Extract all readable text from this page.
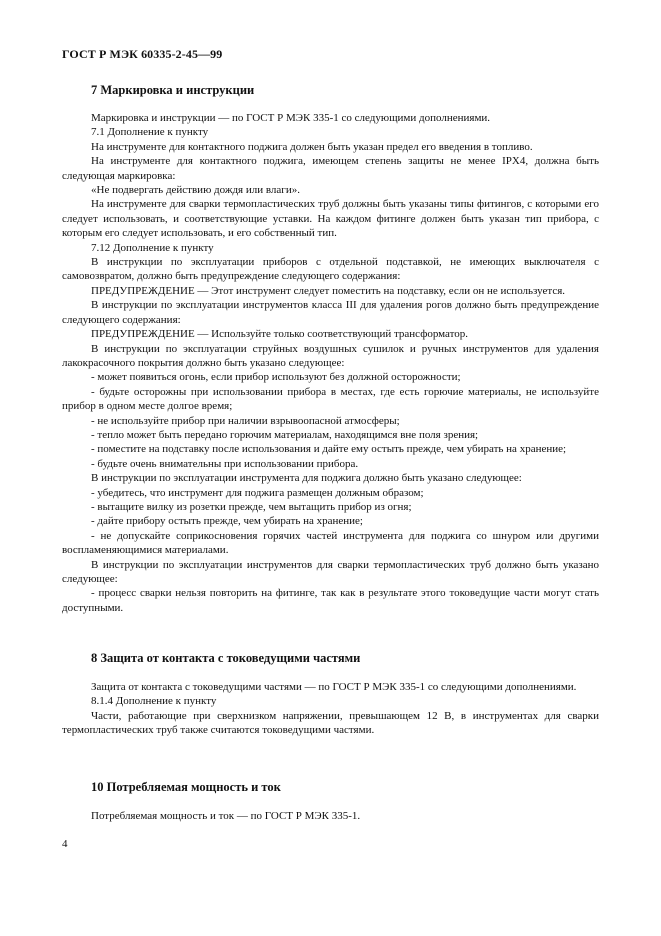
ГОСТ Р МЭК 60335-2-45—99
7 Маркировка и инструкции

Маркировка и инструкции — по ГОСТ Р МЭК 335-1 со следующими дополнениями.

7.1 Дополнение к пункту

На инструменте для контактного поджига должен быть указан предел его введения в топливо.

На инструменте для контактного поджига, имеющем степень защиты не менее IPX4, должна быть следующая маркировка:

«Не подвергать действию дождя или влаги».

На инструменте для сварки термопластических труб должны быть указаны типы фитингов, с которыми его следует использовать, и соответствующие уставки. На каждом фитинге должен быть указан тип прибора, с которым его следует использовать, и его собственный тип.

7.12 Дополнение к пункту

В инструкции по эксплуатации приборов с отдельной подставкой, не имеющих выключателя с самовозвратом, должно быть предупреждение следующего содержания:

ПРЕДУПРЕЖДЕНИЕ — Этот инструмент следует поместить на подставку, если он не используется.

В инструкции по эксплуатации инструментов класса III для удаления рогов должно быть предупреждение следующего содержания:

ПРЕДУПРЕЖДЕНИЕ — Используйте только соответствующий трансформатор.

В инструкции по эксплуатации струйных воздушных сушилок и ручных инструментов для удаления лакокрасочного покрытия должно быть указано следующее:

- может появиться огонь, если прибор используют без должной осторожности;

- будьте осторожны при использовании прибора в местах, где есть горючие материалы, не используйте прибор в одном месте долгое время;

- не используйте прибор при наличии взрывоопасной атмосферы;

- тепло может быть передано горючим материалам, находящимся вне поля зрения;

- поместите на подставку после использования и дайте ему остыть прежде, чем убирать на хранение;

- будьте очень внимательны при использовании прибора.

В инструкции по эксплуатации инструмента для поджига должно быть указано следующее:

- убедитесь, что инструмент для поджига размещен должным образом;

- вытащите вилку из розетки прежде, чем вытащить прибор из огня;

- дайте прибору остыть прежде, чем убирать на хранение;

- не допускайте соприкосновения горячих частей инструмента для поджига со шнуром или другими воспламеняющимися материалами.

В инструкции по эксплуатации инструментов для сварки термопластических труб должно быть указано следующее:

- процесс сварки нельзя повторить на фитинге, так как в результате этого токоведущие части могут стать доступными.

8 Защита от контакта с токоведущими частями

Защита от контакта с токоведущими частями — по ГОСТ Р МЭК 335-1 со следующими дополнениями.

8.1.4 Дополнение к пункту

Части, работающие при сверхнизком напряжении, превышающем 12 В, в инструментах для сварки термопластических труб также считаются токоведущими частями.

10 Потребляемая мощность и ток

Потребляемая мощность и ток — по ГОСТ Р МЭК 335-1.

4
